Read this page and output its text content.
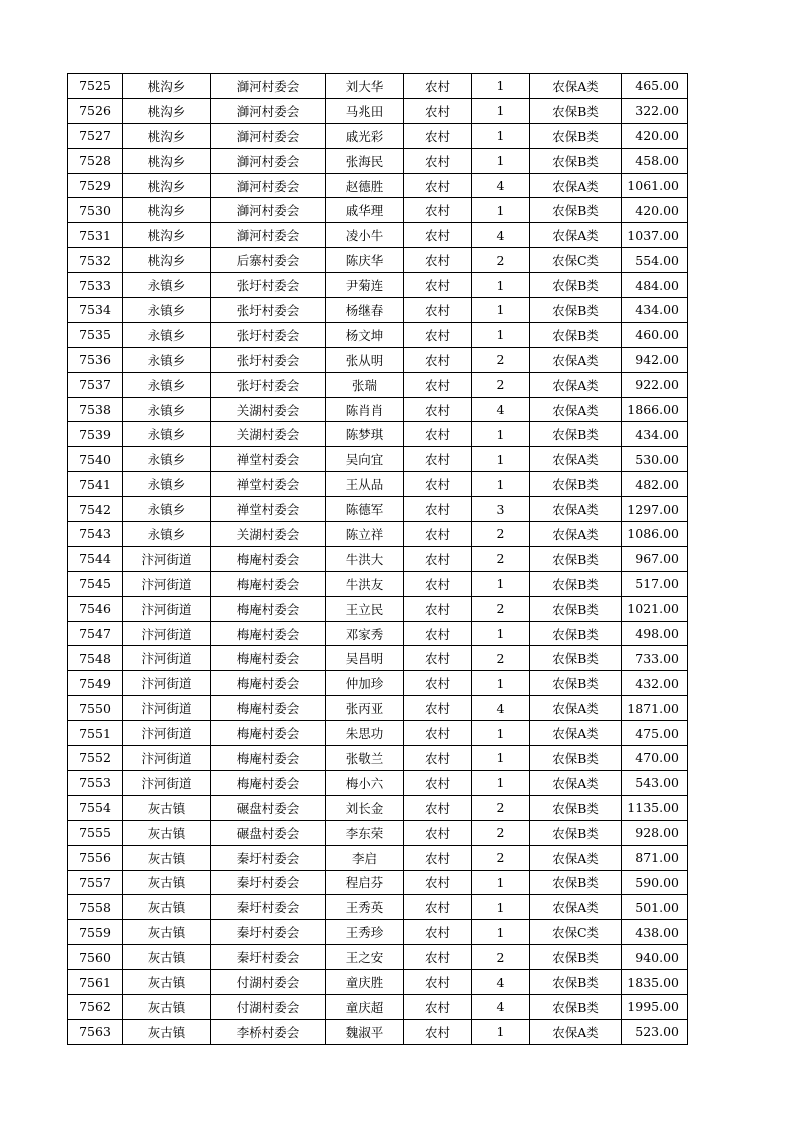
7525	桃沟乡	溮河村委会	刘大华	农村	1	农保A类	465.00
7526	桃沟乡	溮河村委会	马兆田	农村	1	农保B类	322.00
7527	桃沟乡	溮河村委会	戚光彩	农村	1	农保B类	420.00
7528	桃沟乡	溮河村委会	张海民	农村	1	农保B类	458.00
7529	桃沟乡	溮河村委会	赵德胜	农村	4	农保A类	1061.00
7530	桃沟乡	溮河村委会	戚华理	农村	1	农保B类	420.00
7531	桃沟乡	溮河村委会	凌小牛	农村	4	农保A类	1037.00
7532	桃沟乡	后寨村委会	陈庆华	农村	2	农保C类	554.00
7533	永镇乡	张圩村委会	尹菊连	农村	1	农保B类	484.00
7534	永镇乡	张圩村委会	杨继春	农村	1	农保B类	434.00
7535	永镇乡	张圩村委会	杨文坤	农村	1	农保B类	460.00
7536	永镇乡	张圩村委会	张从明	农村	2	农保A类	942.00
7537	永镇乡	张圩村委会	张瑞	农村	2	农保A类	922.00
7538	永镇乡	关湖村委会	陈肖肖	农村	4	农保A类	1866.00
7539	永镇乡	关湖村委会	陈梦琪	农村	1	农保B类	434.00
7540	永镇乡	禅堂村委会	吴向宜	农村	1	农保A类	530.00
7541	永镇乡	禅堂村委会	王从品	农村	1	农保B类	482.00
7542	永镇乡	禅堂村委会	陈德军	农村	3	农保A类	1297.00
7543	永镇乡	关湖村委会	陈立祥	农村	2	农保A类	1086.00
7544	汴河街道	梅庵村委会	牛洪大	农村	2	农保B类	967.00
7545	汴河街道	梅庵村委会	牛洪友	农村	1	农保B类	517.00
7546	汴河街道	梅庵村委会	王立民	农村	2	农保B类	1021.00
7547	汴河街道	梅庵村委会	邓家秀	农村	1	农保B类	498.00
7548	汴河街道	梅庵村委会	吴昌明	农村	2	农保B类	733.00
7549	汴河街道	梅庵村委会	仲加珍	农村	1	农保B类	432.00
7550	汴河街道	梅庵村委会	张丙亚	农村	4	农保A类	1871.00
7551	汴河街道	梅庵村委会	朱思功	农村	1	农保A类	475.00
7552	汴河街道	梅庵村委会	张敬兰	农村	1	农保B类	470.00
7553	汴河街道	梅庵村委会	梅小六	农村	1	农保A类	543.00
7554	灰古镇	碾盘村委会	刘长金	农村	2	农保B类	1135.00
7555	灰古镇	碾盘村委会	李东荣	农村	2	农保B类	928.00
7556	灰古镇	秦圩村委会	李启	农村	2	农保A类	871.00
7557	灰古镇	秦圩村委会	程启芬	农村	1	农保B类	590.00
7558	灰古镇	秦圩村委会	王秀英	农村	1	农保A类	501.00
7559	灰古镇	秦圩村委会	王秀珍	农村	1	农保C类	438.00
7560	灰古镇	秦圩村委会	王之安	农村	2	农保B类	940.00
7561	灰古镇	付湖村委会	童庆胜	农村	4	农保B类	1835.00
7562	灰古镇	付湖村委会	童庆超	农村	4	农保B类	1995.00
7563	灰古镇	李桥村委会	魏淑平	农村	1	农保A类	523.00
